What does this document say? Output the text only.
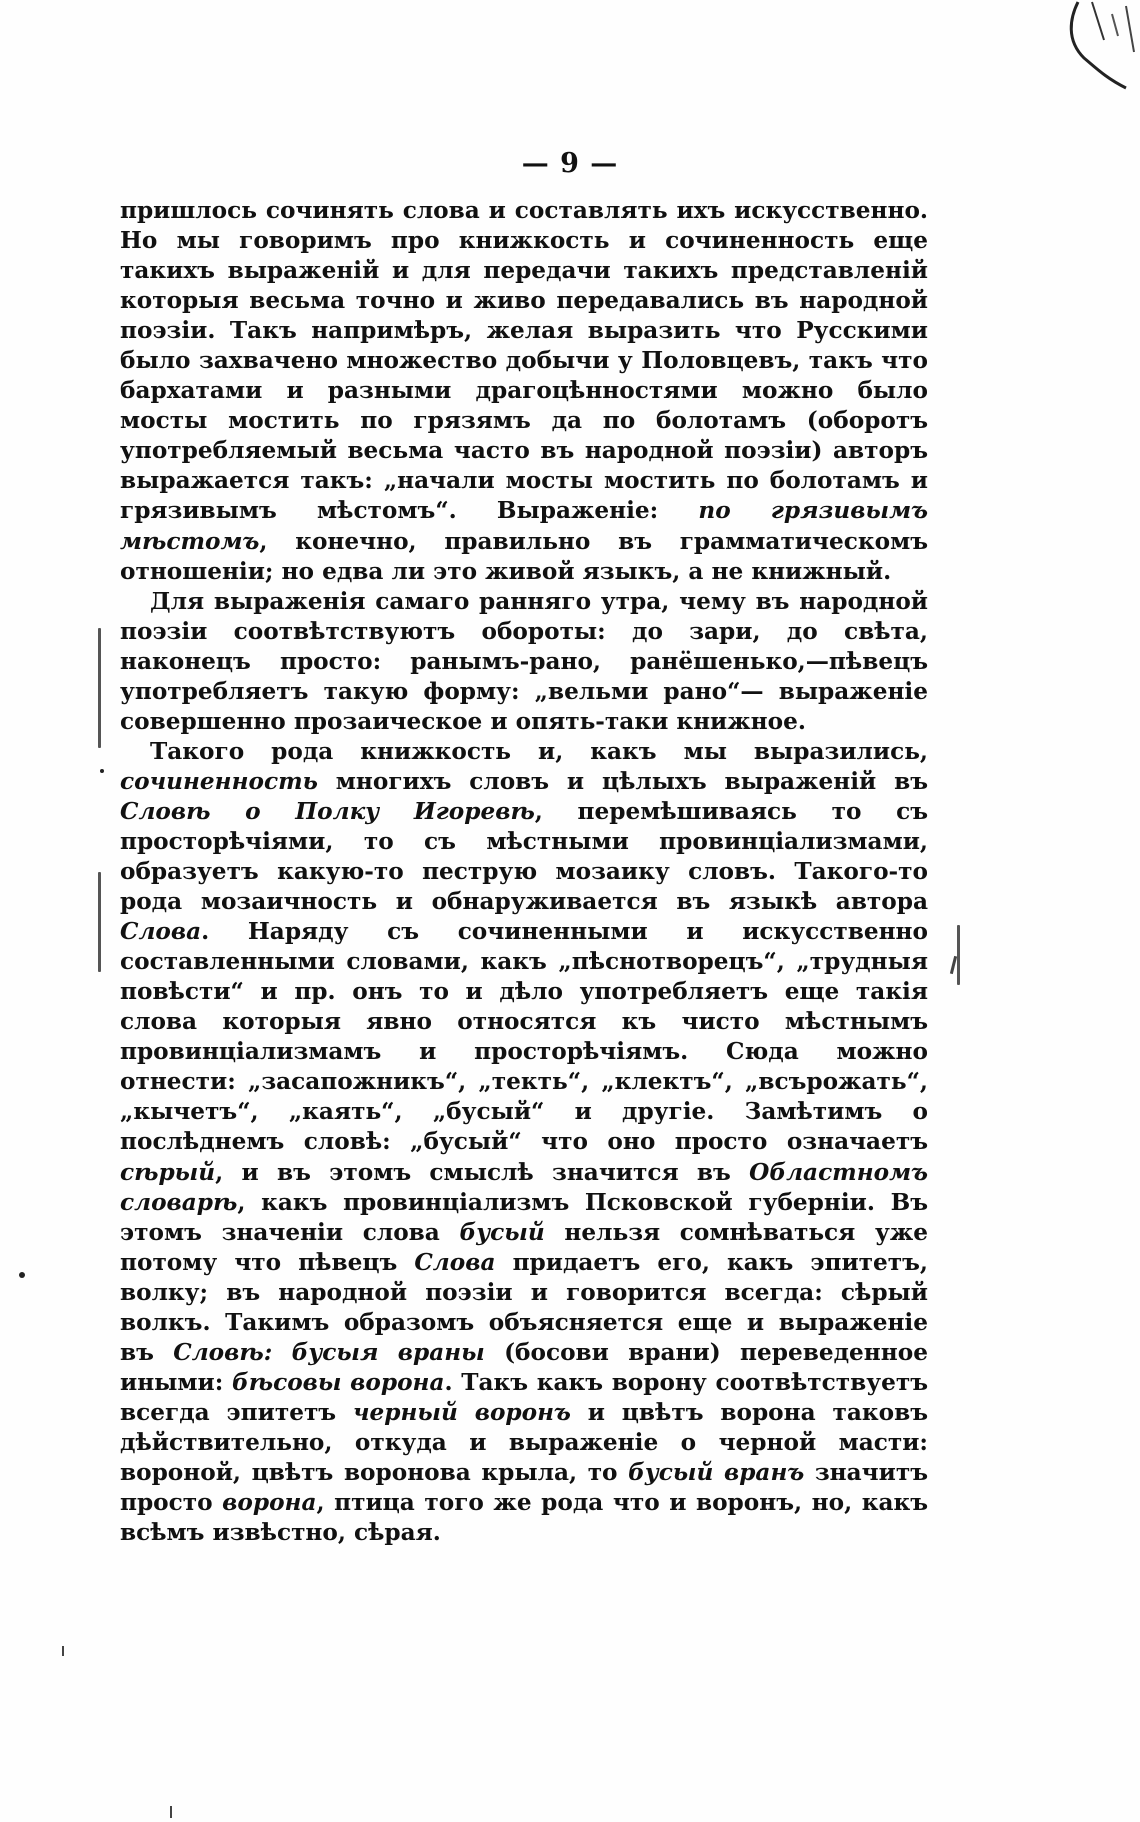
— 9 —

пришлось сочинять слова и составлять ихъ искусственно. Но мы говоримъ про книжкость и сочиненность еще такихъ выраженій и для передачи такихъ представленій которыя весьма точно и живо передавались въ народной поэзіи. Такъ напримѣръ, желая выразить что Русскими было захвачено множество добычи у Половцевъ, такъ что бархатами и разными драгоцѣнностями можно было мосты мостить по грязямъ да по болотамъ (оборотъ употребляемый весьма часто въ народной поэзіи) авторъ выражается такъ: „начали мосты мостить по болотамъ и грязивымъ мѣстомъ“. Выраженіе: по грязивымъ мѣстомъ, конечно, правильно въ грамматическомъ отношеніи; но едва ли это живой языкъ, а не книжный.

Для выраженія самаго ранняго утра, чему въ народной поэзіи соотвѣтствуютъ обороты: до зари, до свѣта, наконецъ просто: ранымъ-рано, ранёшенько,—пѣвецъ употребляетъ такую форму: „вельми рано“— выраженіе совершенно прозаическое и опять-таки книжное.

Такого рода книжкость и, какъ мы выразились, сочиненность многихъ словъ и цѣлыхъ выраженій въ Словѣ о Полку Игоревѣ, перемѣшиваясь то съ просторѣчіями, то съ мѣстными провинціализмами, образуетъ какую-то пеструю мозаику словъ. Такого-то рода мозаичность и обнаруживается въ языкѣ автора Слова. Наряду съ сочиненными и искусственно составленными словами, какъ „пѣснотворецъ“, „трудныя повѣсти“ и пр. онъ то и дѣло употребляетъ еще такія слова которыя явно относятся къ чисто мѣстнымъ провинціализмамъ и просторѣчіямъ. Сюда можно отнести: „засапожникъ“, „текть“, „клектъ“, „всърожать“, „кычетъ“, „каять“, „бусый“ и другіе. Замѣтимъ о послѣднемъ словѣ: „бусый“ что оно просто означаетъ сѣрый, и въ этомъ смыслѣ значится въ Областномъ словарѣ, какъ провинціализмъ Псковской губерніи. Въ этомъ значеніи слова бусый нельзя сомнѣваться уже потому что пѣвецъ Слова придаетъ его, какъ эпитетъ, волку; въ народной поэзіи и говорится всегда: сѣрый волкъ. Такимъ образомъ объясняется еще и выраженіе въ Словѣ: бусыя враны (босови врани) переведенное иными: бѣсовы ворона. Такъ какъ ворону соотвѣтствуетъ всегда эпитетъ черный воронъ и цвѣтъ ворона таковъ дѣйствительно, откуда и выраженіе о черной масти: вороной, цвѣтъ воронова крыла, то бусый вранъ значитъ просто ворона, птица того же рода что и воронъ, но, какъ всѣмъ извѣстно, сѣрая.
